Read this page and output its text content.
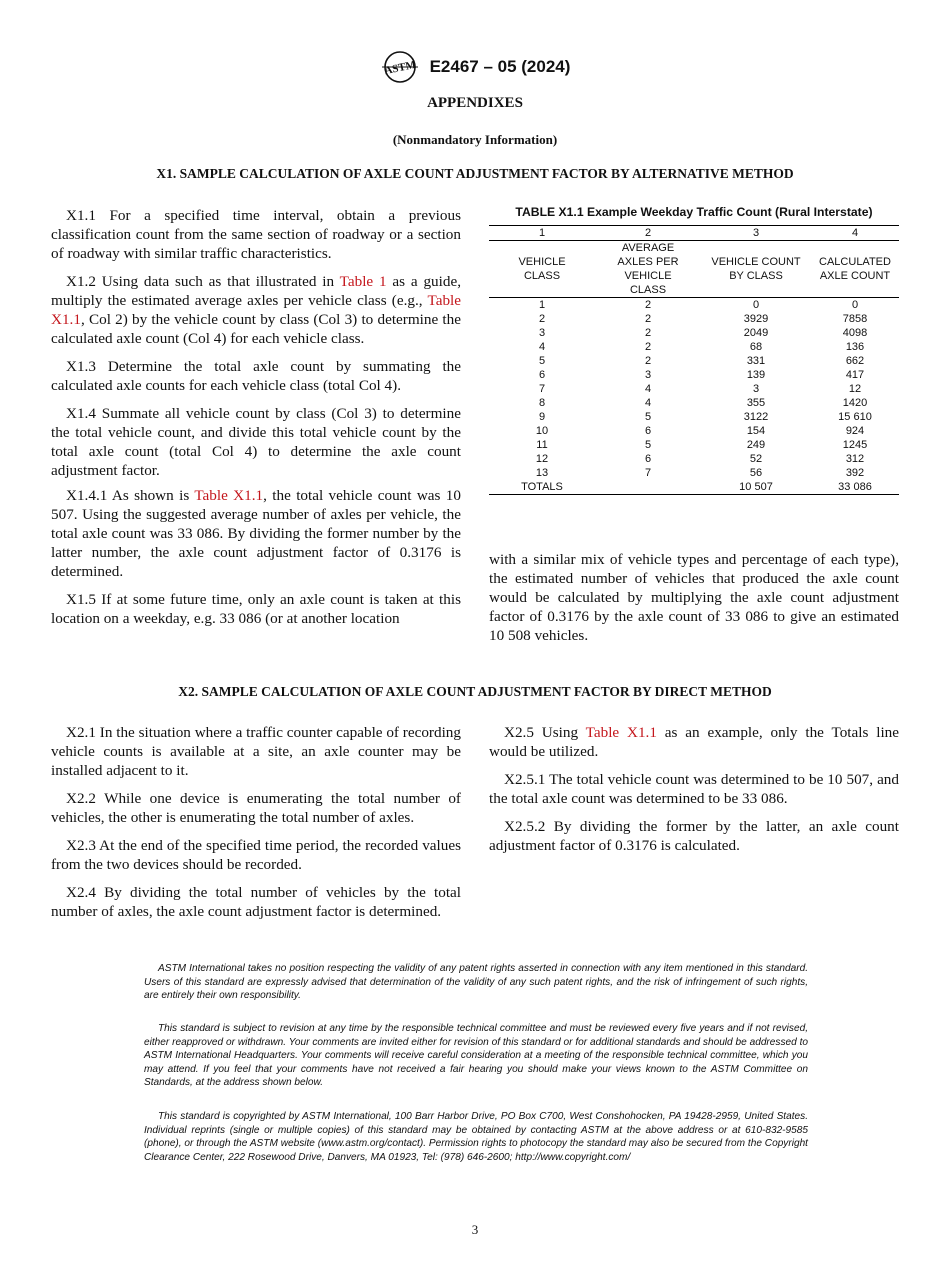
ASTM E2467 – 05 (2024)
APPENDIXES
(Nonmandatory Information)
X1. SAMPLE CALCULATION OF AXLE COUNT ADJUSTMENT FACTOR BY ALTERNATIVE METHOD

X1.1 For a specified time interval, obtain a previous classification count from the same section of roadway or a section of roadway with similar traffic characteristics.

X1.2 Using data such as that illustrated in Table 1 as a guide, multiply the estimated average axles per vehicle class (e.g., Table X1.1, Col 2) by the vehicle count by class (Col 3) to determine the calculated axle count (Col 4) for each vehicle class.

X1.3 Determine the total axle count by summating the calculated axle counts for each vehicle class (total Col 4).

X1.4 Summate all vehicle count by class (Col 3) to determine the total vehicle count, and divide this total vehicle count by the total axle count (total Col 4) to determine the axle count adjustment factor.

X1.4.1 As shown is Table X1.1, the total vehicle count was 10 507. Using the suggested average number of axles per vehicle, the total axle count was 33 086. By dividing the former number by the latter number, the axle count adjustment factor of 0.3176 is determined.

X1.5 If at some future time, only an axle count is taken at this location on a weekday, e.g. 33 086 (or at another location

TABLE X1.1 Example Weekday Traffic Count (Rural Interstate)
1	2	3	4
VEHICLE CLASS	AVERAGE AXLES PER VEHICLE CLASS	VEHICLE COUNT BY CLASS	CALCULATED AXLE COUNT
1	2	0	0
2	2	3929	7858
3	2	2049	4098
4	2	68	136
5	2	331	662
6	3	139	417
7	4	3	12
8	4	355	1420
9	5	3122	15 610
10	6	154	924
11	5	249	1245
12	6	52	312
13	7	56	392
TOTALS		10 507	33 086

with a similar mix of vehicle types and percentage of each type), the estimated number of vehicles that produced the axle count would be calculated by multiplying the axle count adjustment factor of 0.3176 by the axle count of 33 086 to give an estimated 10 508 vehicles.

X2. SAMPLE CALCULATION OF AXLE COUNT ADJUSTMENT FACTOR BY DIRECT METHOD

X2.1 In the situation where a traffic counter capable of recording vehicle counts is available at a site, an axle counter may be installed adjacent to it.

X2.2 While one device is enumerating the total number of vehicles, the other is enumerating the total number of axles.

X2.3 At the end of the specified time period, the recorded values from the two devices should be recorded.

X2.4 By dividing the total number of vehicles by the total number of axles, the axle count adjustment factor is determined.

X2.5 Using Table X1.1 as an example, only the Totals line would be utilized.

X2.5.1 The total vehicle count was determined to be 10 507, and the total axle count was determined to be 33 086.

X2.5.2 By dividing the former by the latter, an axle count adjustment factor of 0.3176 is calculated.

ASTM International takes no position respecting the validity of any patent rights asserted in connection with any item mentioned in this standard. Users of this standard are expressly advised that determination of the validity of any such patent rights, and the risk of infringement of such rights, are entirely their own responsibility.

This standard is subject to revision at any time by the responsible technical committee and must be reviewed every five years and if not revised, either reapproved or withdrawn. Your comments are invited either for revision of this standard or for additional standards and should be addressed to ASTM International Headquarters. Your comments will receive careful consideration at a meeting of the responsible technical committee, which you may attend. If you feel that your comments have not received a fair hearing you should make your views known to the ASTM Committee on Standards, at the address shown below.

This standard is copyrighted by ASTM International, 100 Barr Harbor Drive, PO Box C700, West Conshohocken, PA 19428-2959, United States. Individual reprints (single or multiple copies) of this standard may be obtained by contacting ASTM at the above address or at 610-832-9585 (phone), or through the ASTM website (www.astm.org/contact). Permission rights to photocopy the standard may also be secured from the Copyright Clearance Center, 222 Rosewood Drive, Danvers, MA 01923, Tel: (978) 646-2600; http://www.copyright.com/

3
